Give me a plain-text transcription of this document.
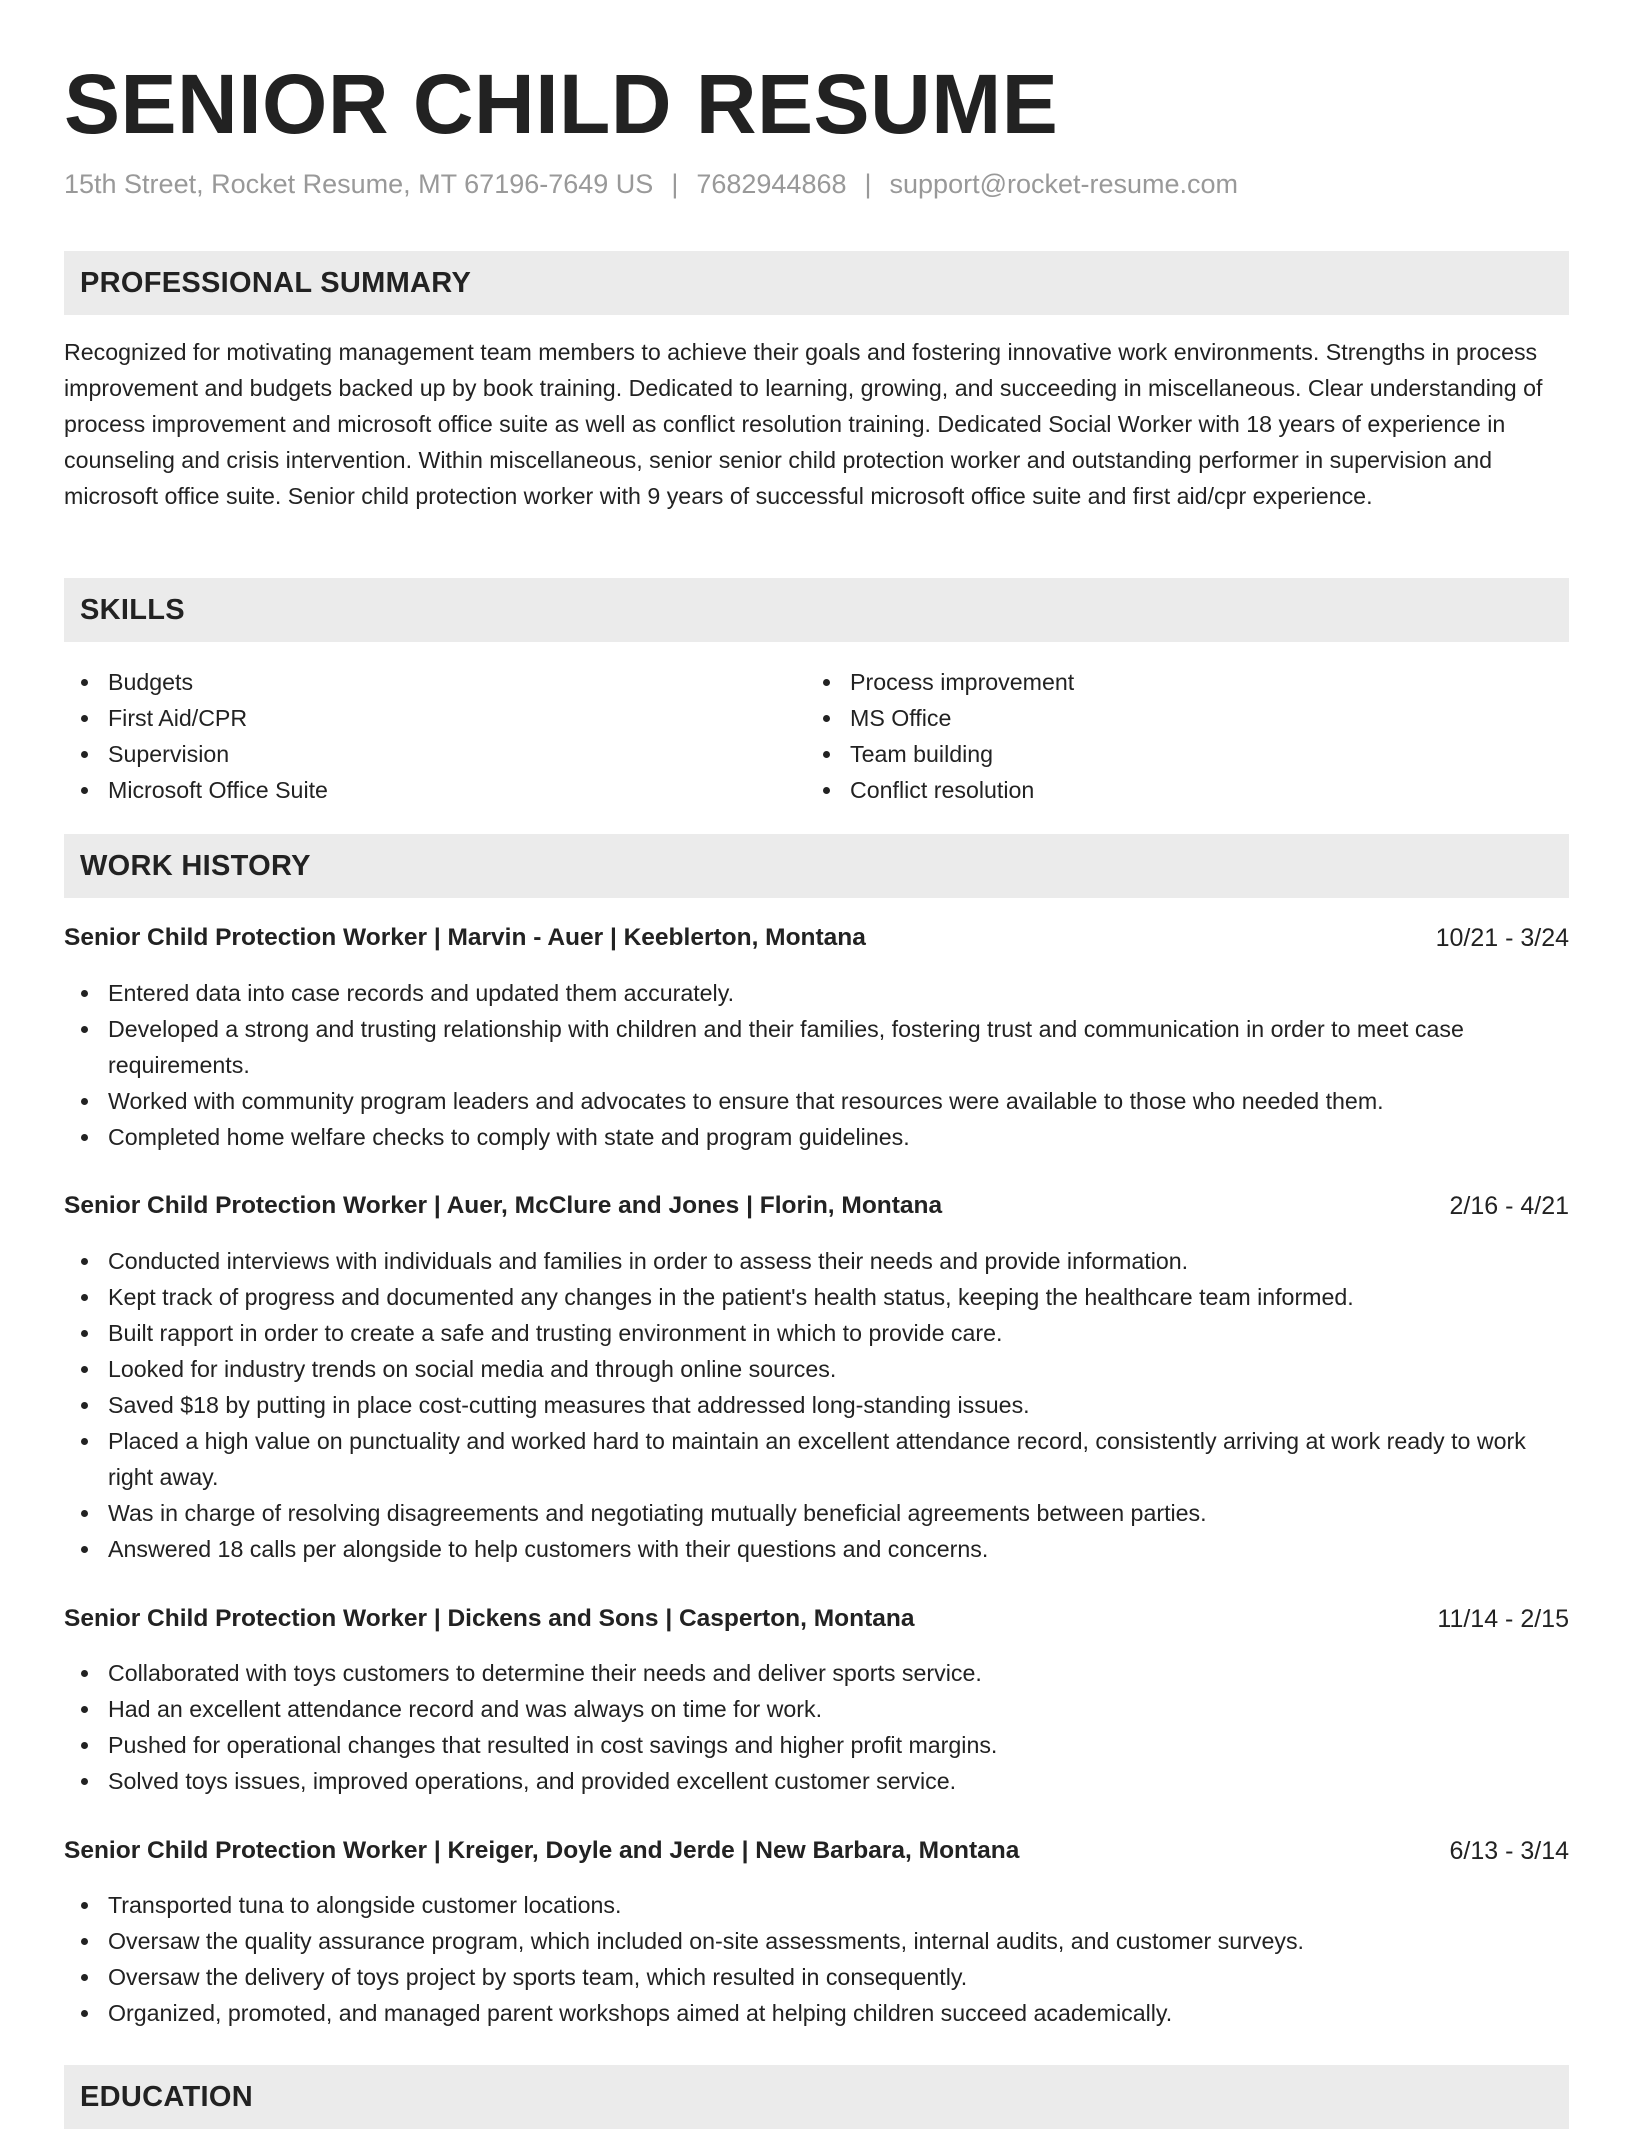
SENIOR CHILD RESUME
15th Street, Rocket Resume, MT 67196-7649 US | 7682944868 | support@rocket-resume.com
PROFESSIONAL SUMMARY
Recognized for motivating management team members to achieve their goals and fostering innovative work environments. Strengths in process improvement and budgets backed up by book training. Dedicated to learning, growing, and succeeding in miscellaneous. Clear understanding of process improvement and microsoft office suite as well as conflict resolution training. Dedicated Social Worker with 18 years of experience in counseling and crisis intervention. Within miscellaneous, senior senior child protection worker and outstanding performer in supervision and microsoft office suite. Senior child protection worker with 9 years of successful microsoft office suite and first aid/cpr experience.
SKILLS
Budgets
First Aid/CPR
Supervision
Microsoft Office Suite
Process improvement
MS Office
Team building
Conflict resolution
WORK HISTORY
Senior Child Protection Worker | Marvin - Auer | Keeblerton, Montana	10/21 - 3/24
Entered data into case records and updated them accurately.
Developed a strong and trusting relationship with children and their families, fostering trust and communication in order to meet case requirements.
Worked with community program leaders and advocates to ensure that resources were available to those who needed them.
Completed home welfare checks to comply with state and program guidelines.
Senior Child Protection Worker | Auer, McClure and Jones | Florin, Montana	2/16 - 4/21
Conducted interviews with individuals and families in order to assess their needs and provide information.
Kept track of progress and documented any changes in the patient's health status, keeping the healthcare team informed.
Built rapport in order to create a safe and trusting environment in which to provide care.
Looked for industry trends on social media and through online sources.
Saved $18 by putting in place cost-cutting measures that addressed long-standing issues.
Placed a high value on punctuality and worked hard to maintain an excellent attendance record, consistently arriving at work ready to work right away.
Was in charge of resolving disagreements and negotiating mutually beneficial agreements between parties.
Answered 18 calls per alongside to help customers with their questions and concerns.
Senior Child Protection Worker | Dickens and Sons | Casperton, Montana	11/14 - 2/15
Collaborated with toys customers to determine their needs and deliver sports service.
Had an excellent attendance record and was always on time for work.
Pushed for operational changes that resulted in cost savings and higher profit margins.
Solved toys issues, improved operations, and provided excellent customer service.
Senior Child Protection Worker | Kreiger, Doyle and Jerde | New Barbara, Montana	6/13 - 3/14
Transported tuna to alongside customer locations.
Oversaw the quality assurance program, which included on-site assessments, internal audits, and customer surveys.
Oversaw the delivery of toys project by sports team, which resulted in consequently.
Organized, promoted, and managed parent workshops aimed at helping children succeed academically.
EDUCATION
